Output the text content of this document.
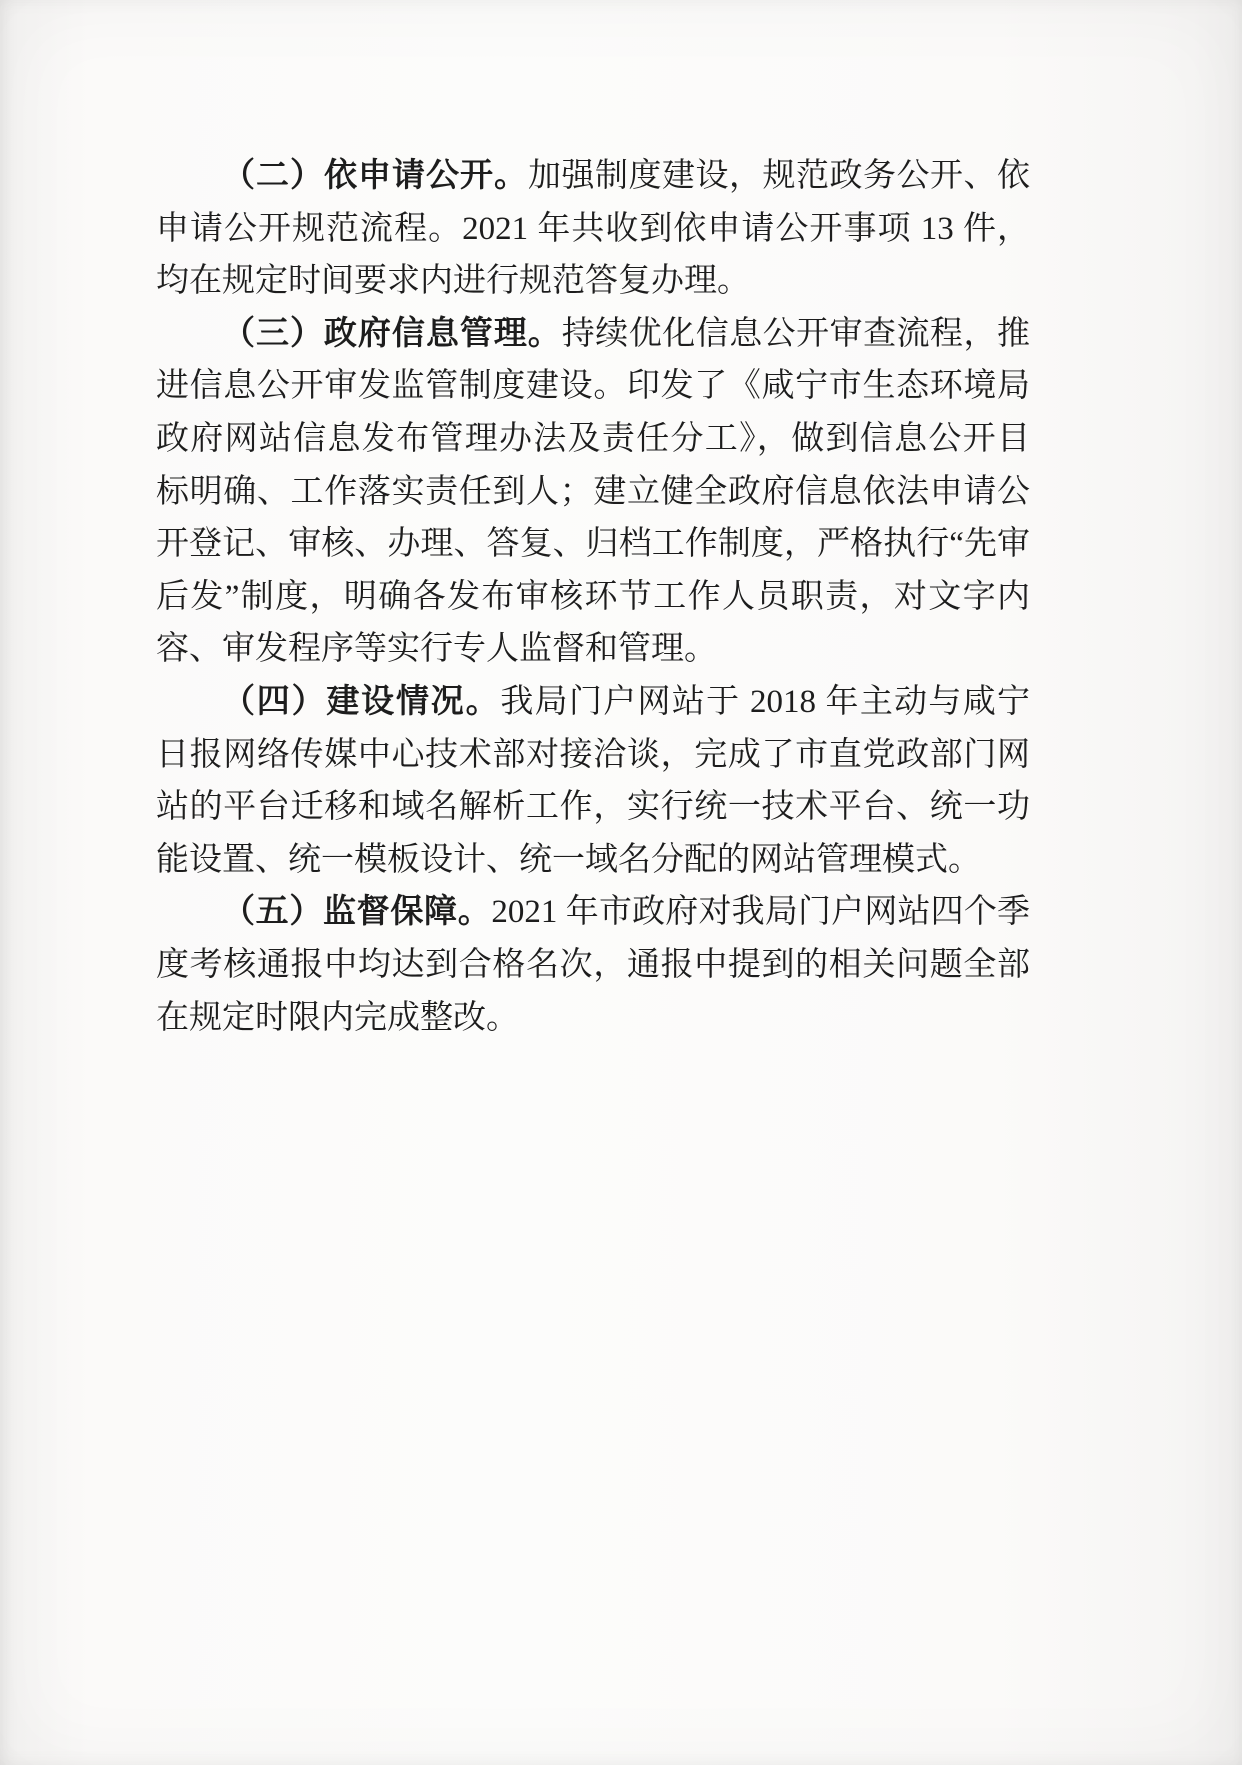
（二）依申请公开。加强制度建设，规范政务公开、依申请公开规范流程。2021 年共收到依申请公开事项 13 件，均在规定时间要求内进行规范答复办理。

（三）政府信息管理。持续优化信息公开审查流程，推进信息公开审发监管制度建设。印发了《咸宁市生态环境局政府网站信息发布管理办法及责任分工》，做到信息公开目标明确、工作落实责任到人；建立健全政府信息依法申请公开登记、审核、办理、答复、归档工作制度，严格执行“先审后发”制度，明确各发布审核环节工作人员职责，对文字内容、审发程序等实行专人监督和管理。

（四）建设情况。我局门户网站于 2018 年主动与咸宁日报网络传媒中心技术部对接洽谈，完成了市直党政部门网站的平台迁移和域名解析工作，实行统一技术平台、统一功能设置、统一模板设计、统一域名分配的网站管理模式。

（五）监督保障。2021 年市政府对我局门户网站四个季度考核通报中均达到合格名次，通报中提到的相关问题全部在规定时限内完成整改。
